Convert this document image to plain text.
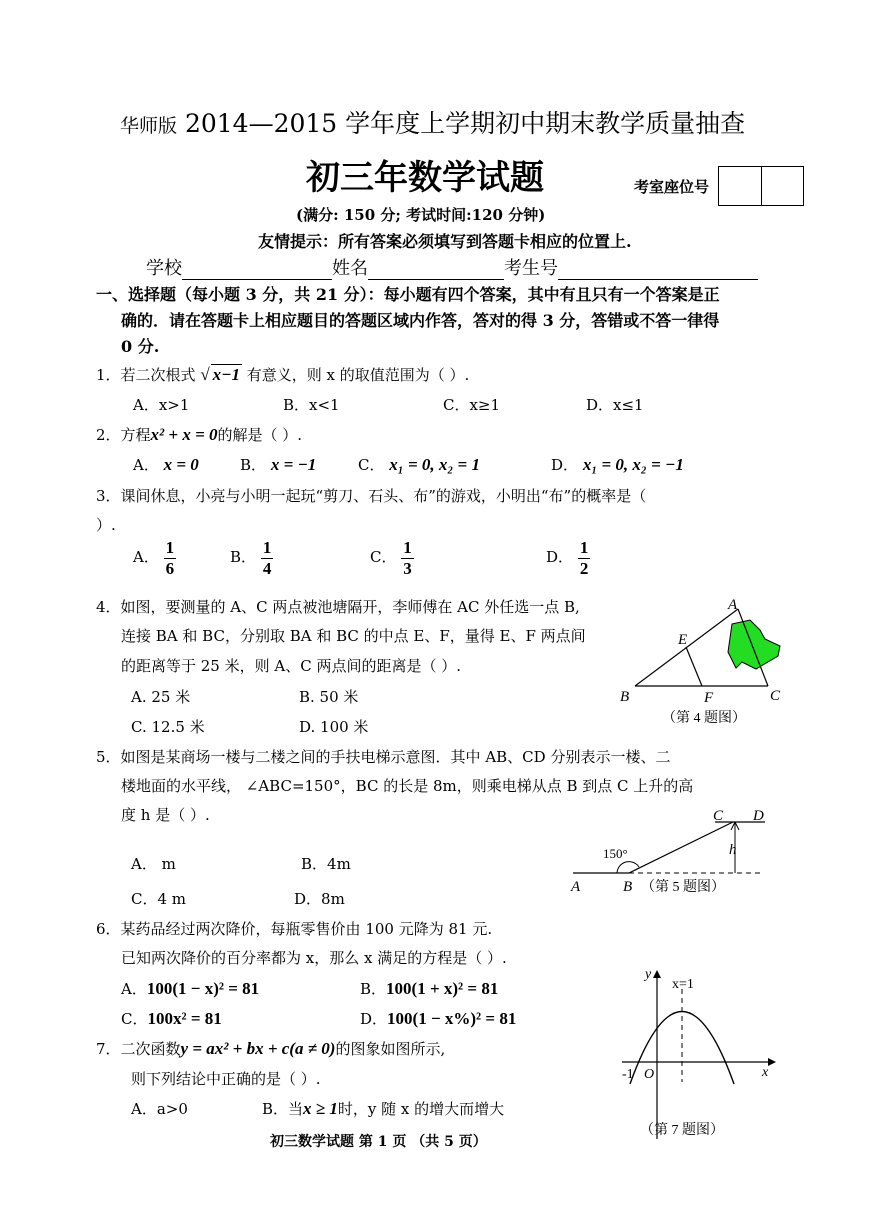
华师版 2014—2015 学年度上学期初中期末教学质量抽查
初三年数学试题	考室座位号
(满分: 150 分; 考试时间:120 分钟)
友情提示：所有答案必须填写到答题卡相应的位置上.
学校	姓名	考生号
一、选择题（每小题 3 分，共 21 分）：每小题有四个答案，其中有且只有一个答案是正
确的．请在答题卡上相应题目的答题区域内作答，答对的得 3 分，答错或不答一律得
0 分.
1．若二次根式 √ x−1 有意义，则 x 的取值范围为（ ）.
A．x>1	B．x<1	C．x≥1	D．x≤1
2．方程x² + x = 0的解是（ ）.
A． x = 0	B． x = −1	C． x₁ = 0, x₂ = 1	D． x₁ = 0, x₂ = −1
3．课间休息，小亮与小明一起玩“剪刀、石头、布”的游戏，小明出“布”的概率是（
）.
A． $\frac{1}{6}$	B． $\frac{1}{4}$	C． $\frac{1}{3}$	D． $\frac{1}{2}$
4．如图，要测量的 A、C 两点被池塘隔开，李师傅在 AC 外任选一点 B,
连接 BA 和 BC，分别取 BA 和 BC 的中点 E、F，量得 E、F 两点间
的距离等于 25 米，则 A、C 两点间的距离是（ ）.
A. 25 米	B. 50 米
C. 12.5 米	D. 100 米
A
B	C
E
F
（第 4 题图）
5．如图是某商场一楼与二楼之间的手扶电梯示意图．其中 AB、CD 分别表示一楼、二
楼地面的水平线， ∠ABC=150°，BC 的长是 8m，则乘电梯从点 B 到点 C 上升的高
度 h 是（ ）.
A． m	B．4m
C．4 m	D．8m
150°
A	B
C D
h
（第 5 题图）
6．某药品经过两次降价，每瓶零售价由 100 元降为 81 元.
已知两次降价的百分率都为 x，那么 x 满足的方程是（ ）.
A．100(1 − x)² = 81	B．100(1 + x)² = 81
C．100x² = 81	D．100(1 − x%)² = 81
7．二次函数y = ax² + bx + c(a ≠ 0)的图象如图所示,
则下列结论中正确的是（ ）.
A．a>0	B．当x ≥ 1时，y 随 x 的增大而增大
y
x
x=1
-1 O
（第 7 题图）
初三数学试题 第 1 页 （共 5 页）
